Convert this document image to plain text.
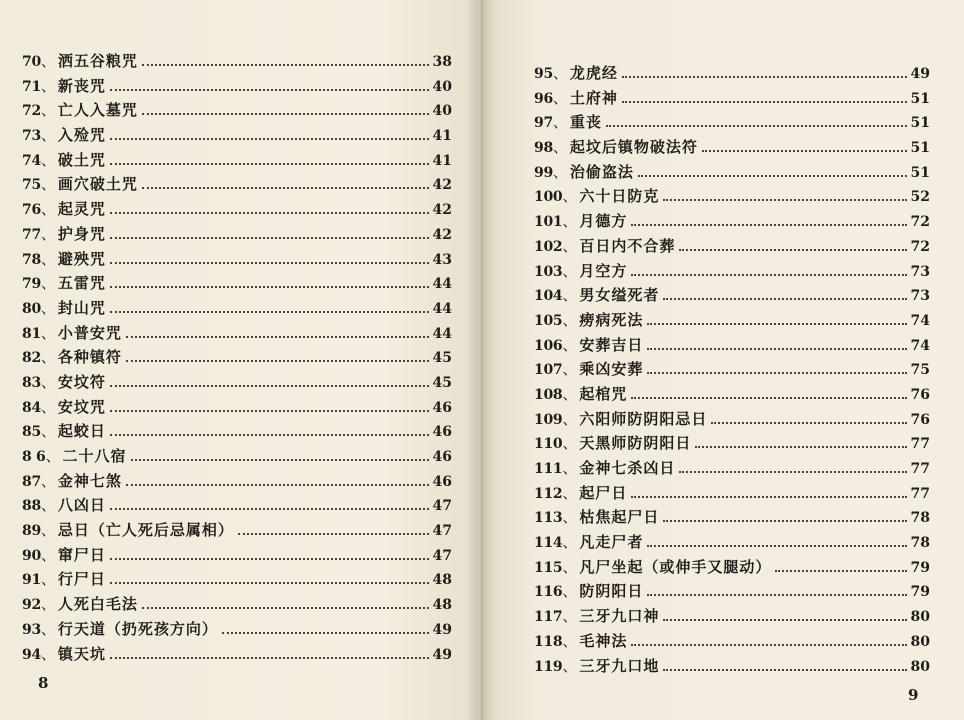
70 、 洒五谷粮咒	38
71 、 新丧咒	40
72 、 亡人入墓咒	40
73 、 入殓咒	41
74 、 破土咒	41
75 、 画穴破土咒	42
76 、 起灵咒	42
77 、 护身咒	42
78 、 避殃咒	43
79 、 五雷咒	44
80 、 封山咒	44
81 、 小普安咒	44
82 、 各种镇符	45
83 、 安坟符	45
84 、 安坟咒	46
85 、 起蛟日	46
8 6 、 二十八宿	46
87 、 金神七煞	46
88 、 八凶日	47
89 、 忌日（亡人死后忌属相）	47
90 、 窜尸日	47
91 、 行尸日	48
92 、 人死白毛法	48
93 、 行天道（扔死孩方向）	49
94 、 镇天坑	49
95 、 龙虎经	49
96 、 土府神	51
97 、 重丧	51
98 、 起坟后镇物破法符	51
99 、 治偷盗法	51
100 、 六十日防克	52
101 、 月德方	72
102 、 百日内不合葬	72
103 、 月空方	73
104 、 男女缢死者	73
105 、 痨病死法	74
106 、 安葬吉日	74
107 、 乘凶安葬	75
108 、 起棺咒	76
109 、 六阳师防阴阳忌日	76
110 、 天黑师防阴阳日	77
111 、 金神七杀凶日	77
112 、 起尸日	77
113 、 枯焦起尸日	78
114 、 凡走尸者	78
115 、 凡尸坐起（或伸手又腿动）	79
116 、 防阴阳日	79
117 、 三牙九口神	80
118 、 毛神法	80
119 、 三牙九口地	80
8
9
